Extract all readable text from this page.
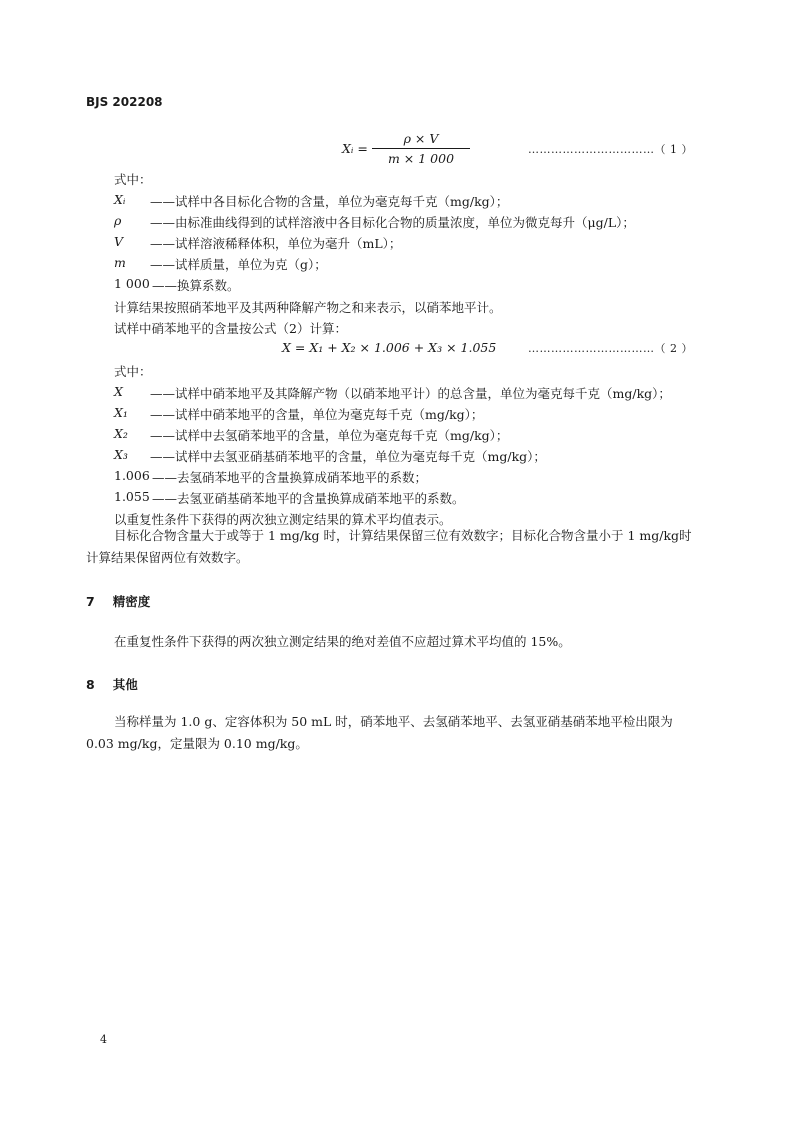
BJS 202208
Xᵢ =
ρ × V
m × 1 000
……………………………（ 1 ）
式中：
Xᵢ ——试样中各目标化合物的含量，单位为毫克每千克（mg/kg）；
ρ ——由标准曲线得到的试样溶液中各目标化合物的质量浓度，单位为微克每升（μg/L）；
V ——试样溶液稀释体积，单位为毫升（mL）；
m ——试样质量，单位为克（g）；
1 000 ——换算系数。
计算结果按照硝苯地平及其两种降解产物之和来表示，以硝苯地平计。
试样中硝苯地平的含量按公式（2）计算：
X = X₁ + X₂ × 1.006 + X₃ × 1.055	……………………………（ 2 ）
式中：
X ——试样中硝苯地平及其降解产物（以硝苯地平计）的总含量，单位为毫克每千克（mg/kg）；
X₁ ——试样中硝苯地平的含量，单位为毫克每千克（mg/kg）；
X₂ ——试样中去氢硝苯地平的含量，单位为毫克每千克（mg/kg）；
X₃ ——试样中去氢亚硝基硝苯地平的含量，单位为毫克每千克（mg/kg）；
1.006 ——去氢硝苯地平的含量换算成硝苯地平的系数；
1.055 ——去氢亚硝基硝苯地平的含量换算成硝苯地平的系数。
以重复性条件下获得的两次独立测定结果的算术平均值表示。
目标化合物含量大于或等于 1 mg/kg 时，计算结果保留三位有效数字；目标化合物含量小于 1 mg/kg时计算结果保留两位有效数字。
7 精密度
在重复性条件下获得的两次独立测定结果的绝对差值不应超过算术平均值的 15%。
8 其他
当称样量为 1.0 g、定容体积为 50 mL 时，硝苯地平、去氢硝苯地平、去氢亚硝基硝苯地平检出限为 0.03 mg/kg，定量限为 0.10 mg/kg。
4
